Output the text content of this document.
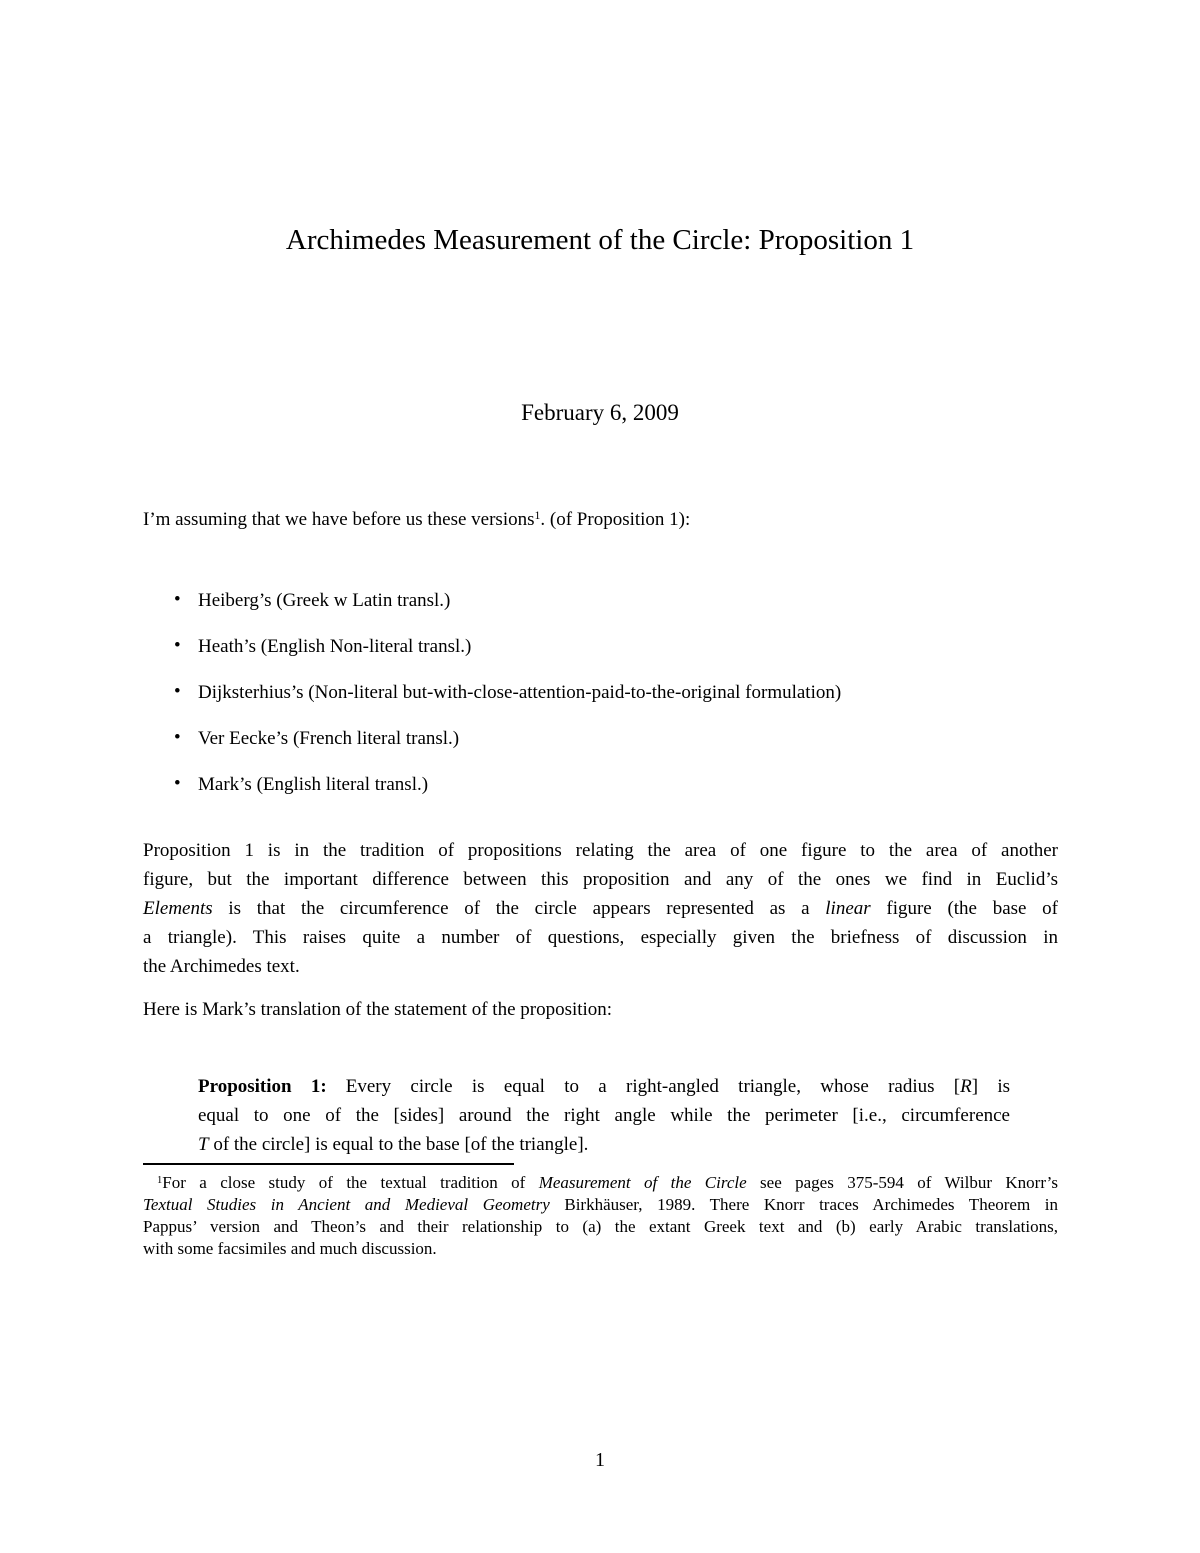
Archimedes Measurement of the Circle: Proposition 1
February 6, 2009
I’m assuming that we have before us these versions$^1$. (of Proposition 1):
• Heiberg’s (Greek w Latin transl.)
• Heath’s (English Non-literal transl.)
• Dijksterhius’s (Non-literal but-with-close-attention-paid-to-the-original formulation)
• Ver Eecke’s (French literal transl.)
• Mark’s (English literal transl.)
Proposition 1 is in the tradition of propositions relating the area of one figure to the area of another
figure, but the important difference between this proposition and any of the ones we find in Euclid’s
Elements is that the circumference of the circle appears represented as a linear figure (the base of
a triangle). This raises quite a number of questions, especially given the briefness of discussion in
the Archimedes text.
Here is Mark’s translation of the statement of the proposition:
Proposition 1:  Every circle is equal to a right-angled triangle, whose radius [R] is
equal to one of the [sides] around the right angle while the perimeter [i.e., circumference
T of the circle] is equal to the base [of the triangle].
$^1$For a close study of the textual tradition of Measurement of the Circle see pages 375-594 of Wilbur Knorr’s
Textual Studies in Ancient and Medieval Geometry Birkhäuser, 1989. There Knorr traces Archimedes Theorem in
Pappus’ version and Theon’s and their relationship to (a) the extant Greek text and (b) early Arabic translations,
with some facsimiles and much discussion.
1
